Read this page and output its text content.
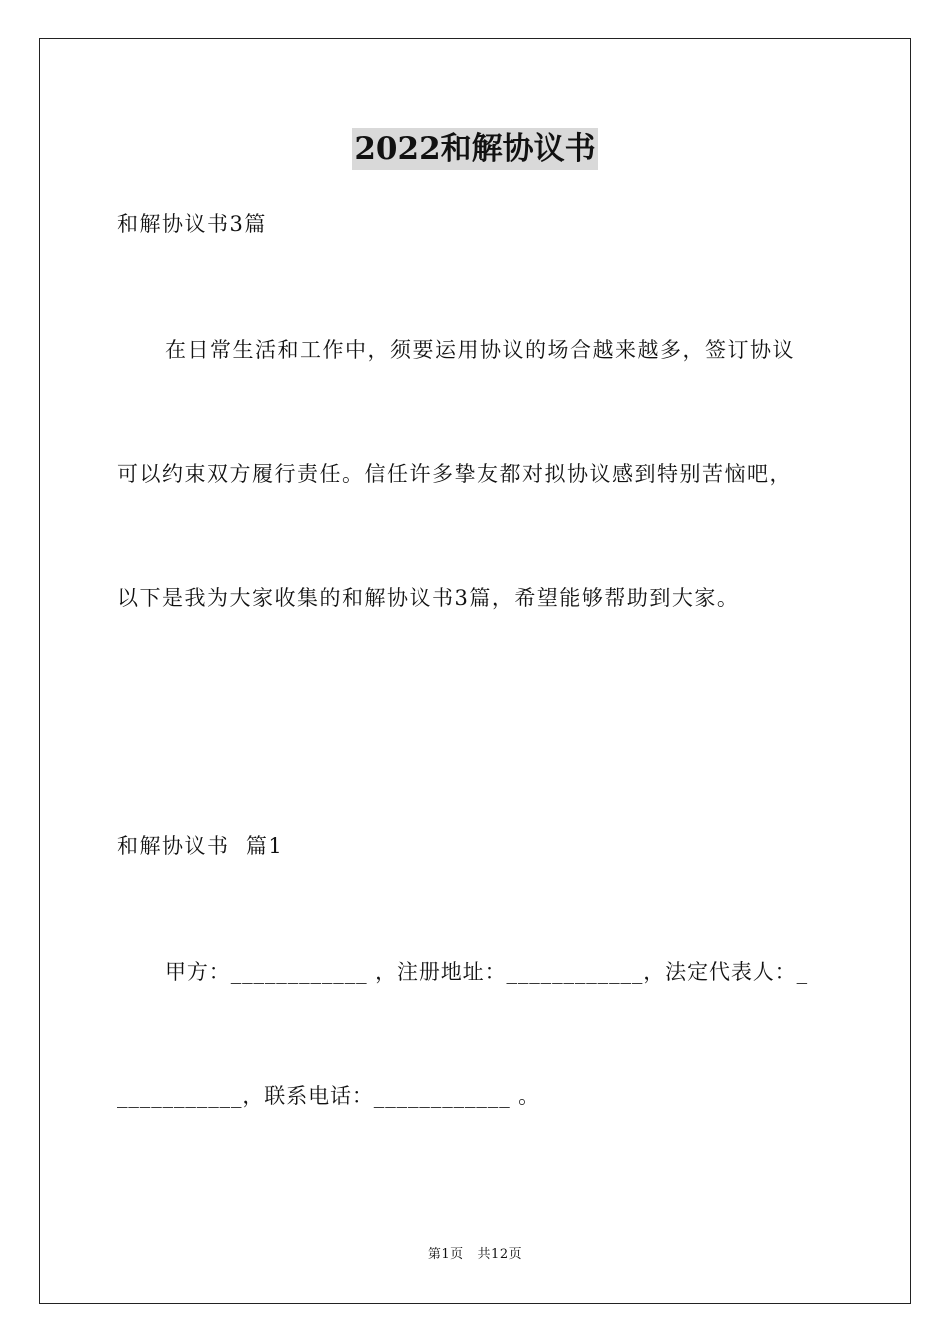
2022和解协议书
和解协议书3篇
在日常生活和工作中，须要运用协议的场合越来越多，签订协议
可以约束双方履行责任。信任许多挚友都对拟协议感到特别苦恼吧，
以下是我为大家收集的和解协议书3篇，希望能够帮助到大家。
和解协议书  篇1
甲方：____________ ，注册地址：____________，法定代表人：_
___________，联系电话：____________ 。
第1页   共12页
